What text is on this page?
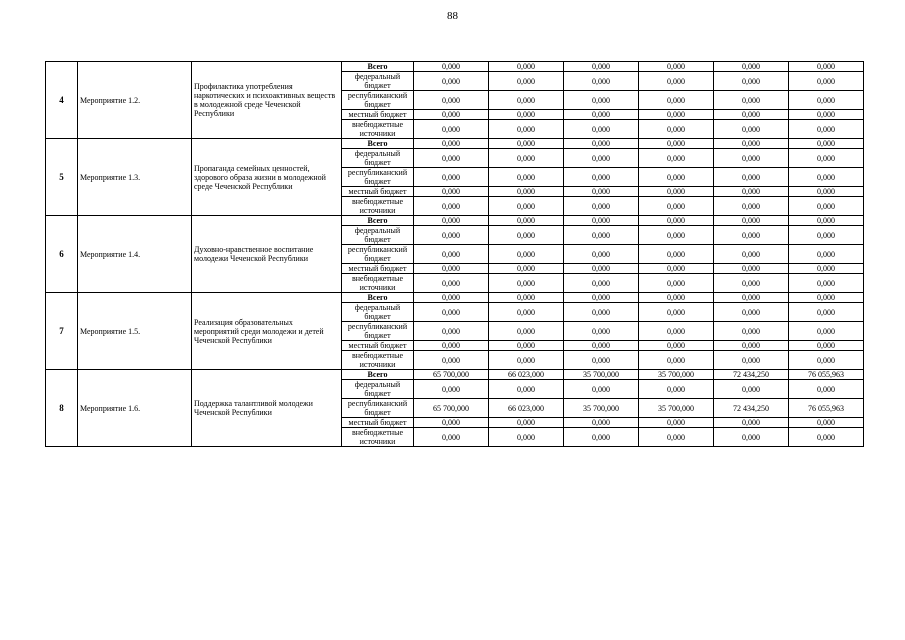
88
4	Мероприятие 1.2.	Профилактика употребления наркотических и психоактивных веществ в молодежной среде Чеченской Республики	Всего	0,000	0,000	0,000	0,000	0,000	0,000
			федеральный бюджет	0,000	0,000	0,000	0,000	0,000	0,000
			республиканский бюджет	0,000	0,000	0,000	0,000	0,000	0,000
			местный бюджет	0,000	0,000	0,000	0,000	0,000	0,000
			внебюджетные источники	0,000	0,000	0,000	0,000	0,000	0,000
5	Мероприятие 1.3.	Пропаганда семейных ценностей, здорового образа жизни в молодежной среде Чеченской Республики	Всего	0,000	0,000	0,000	0,000	0,000	0,000
			федеральный бюджет	0,000	0,000	0,000	0,000	0,000	0,000
			республиканский бюджет	0,000	0,000	0,000	0,000	0,000	0,000
			местный бюджет	0,000	0,000	0,000	0,000	0,000	0,000
			внебюджетные источники	0,000	0,000	0,000	0,000	0,000	0,000
6	Мероприятие 1.4.	Духовно-нравственное воспитание молодежи Чеченской Республики	Всего	0,000	0,000	0,000	0,000	0,000	0,000
			федеральный бюджет	0,000	0,000	0,000	0,000	0,000	0,000
			республиканский бюджет	0,000	0,000	0,000	0,000	0,000	0,000
			местный бюджет	0,000	0,000	0,000	0,000	0,000	0,000
			внебюджетные источники	0,000	0,000	0,000	0,000	0,000	0,000
7	Мероприятие 1.5.	Реализация образовательных мероприятий среди молодежи и детей Чеченской Республики	Всего	0,000	0,000	0,000	0,000	0,000	0,000
			федеральный бюджет	0,000	0,000	0,000	0,000	0,000	0,000
			республиканский бюджет	0,000	0,000	0,000	0,000	0,000	0,000
			местный бюджет	0,000	0,000	0,000	0,000	0,000	0,000
			внебюджетные источники	0,000	0,000	0,000	0,000	0,000	0,000
8	Мероприятие 1.6.	Поддержка талантливой молодежи Чеченской Республики	Всего	65 700,000	66 023,000	35 700,000	35 700,000	72 434,250	76 055,963
			федеральный бюджет	0,000	0,000	0,000	0,000	0,000	0,000
			республиканский бюджет	65 700,000	66 023,000	35 700,000	35 700,000	72 434,250	76 055,963
			местный бюджет	0,000	0,000	0,000	0,000	0,000	0,000
			внебюджетные источники	0,000	0,000	0,000	0,000	0,000	0,000
